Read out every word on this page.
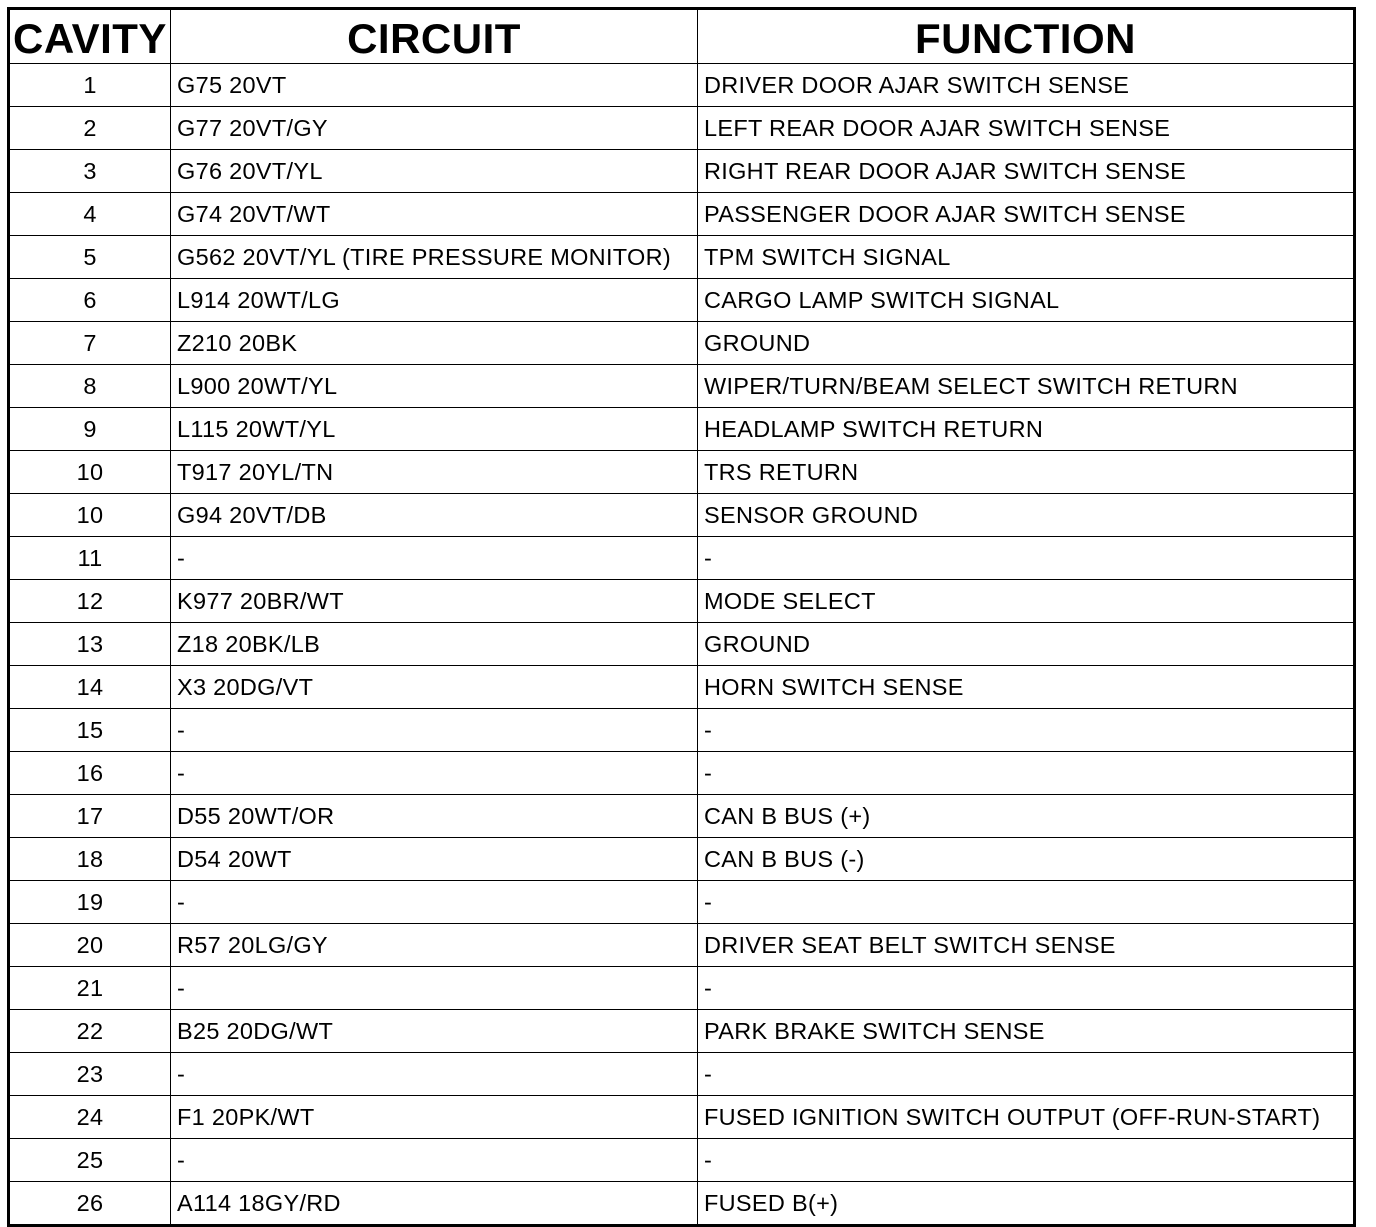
CAVITY	CIRCUIT	FUNCTION
1	G75 20VT	DRIVER DOOR AJAR SWITCH SENSE
2	G77 20VT/GY	LEFT REAR DOOR AJAR SWITCH SENSE
3	G76 20VT/YL	RIGHT REAR DOOR AJAR SWITCH SENSE
4	G74 20VT/WT	PASSENGER DOOR AJAR SWITCH SENSE
5	G562 20VT/YL (TIRE PRESSURE MONITOR)	TPM SWITCH SIGNAL
6	L914 20WT/LG	CARGO LAMP SWITCH SIGNAL
7	Z210 20BK	GROUND
8	L900 20WT/YL	WIPER/TURN/BEAM SELECT SWITCH RETURN
9	L115 20WT/YL	HEADLAMP SWITCH RETURN
10	T917 20YL/TN	TRS RETURN
10	G94 20VT/DB	SENSOR GROUND
11	-	-
12	K977 20BR/WT	MODE SELECT
13	Z18 20BK/LB	GROUND
14	X3 20DG/VT	HORN SWITCH SENSE
15	-	-
16	-	-
17	D55 20WT/OR	CAN B BUS (+)
18	D54 20WT	CAN B BUS (-)
19	-	-
20	R57 20LG/GY	DRIVER SEAT BELT SWITCH SENSE
21	-	-
22	B25 20DG/WT	PARK BRAKE SWITCH SENSE
23	-	-
24	F1 20PK/WT	FUSED IGNITION SWITCH OUTPUT (OFF-RUN-START)
25	-	-
26	A114 18GY/RD	FUSED B(+)
